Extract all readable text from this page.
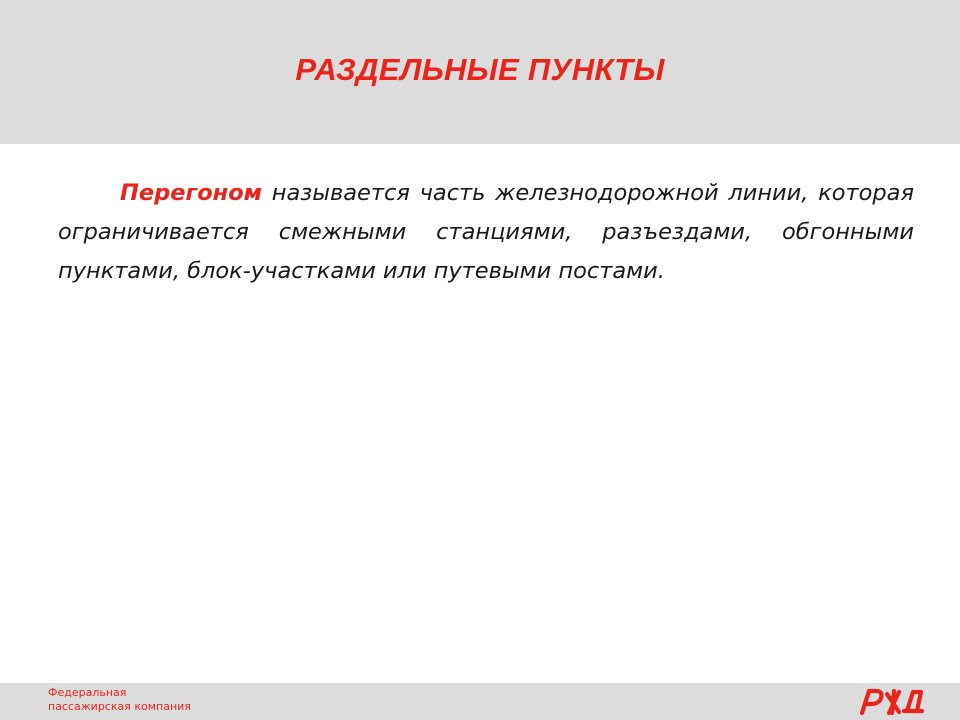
РАЗДЕЛЬНЫЕ ПУНКТЫ

Перегоном называется часть железнодорожной линии, которая ограничивается смежными станциями, разъездами, обгонными пунктами, блок-участками или путевыми постами.

Федеральная

пассажирская компания
